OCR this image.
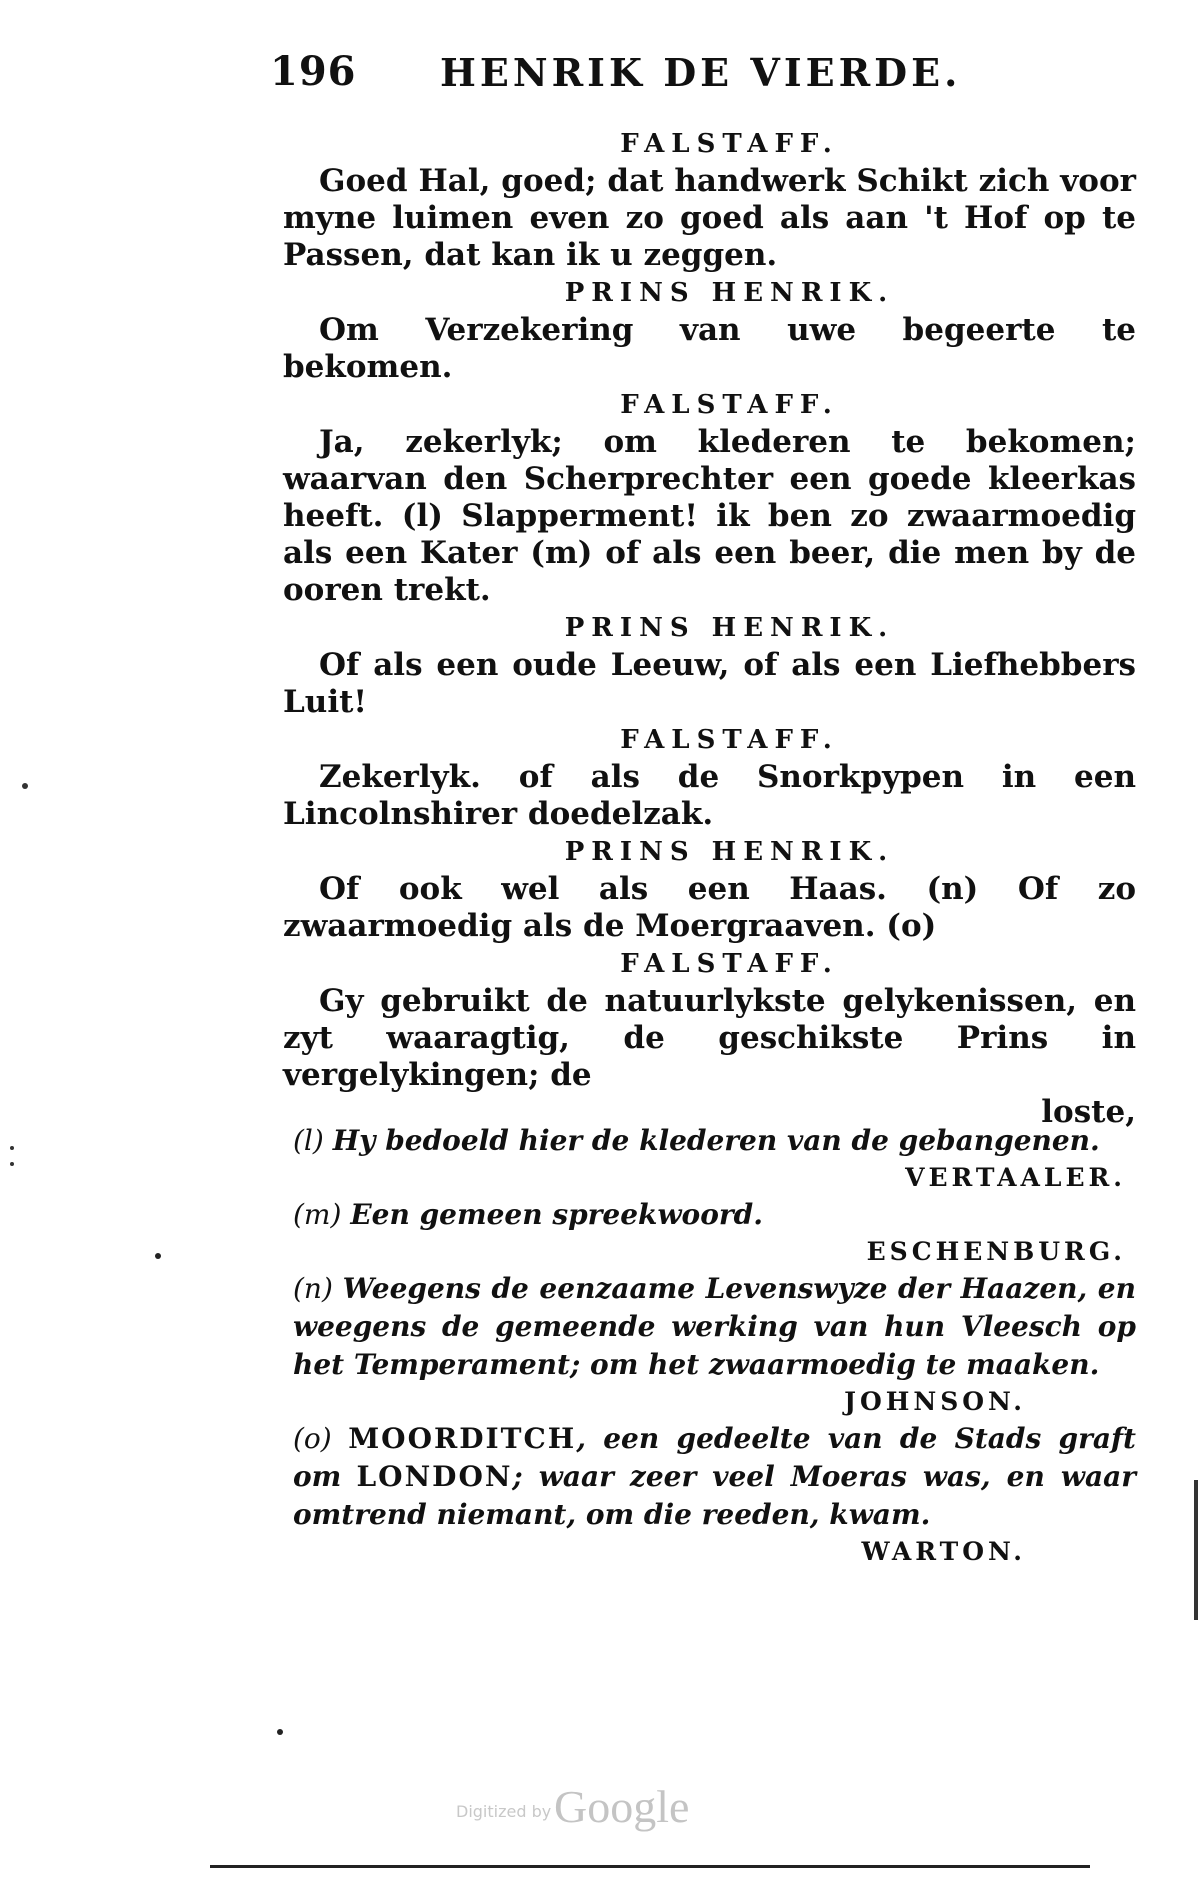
196 HENRIK DE VIERDE.
FALSTAFF.

Goed Hal, goed; dat handwerk Schikt zich voor myne luimen even zo goed als aan 't Hof op te Passen, dat kan ik u zeggen.

PRINS HENRIK.

Om Verzekering van uwe begeerte te bekomen.

FALSTAFF.

Ja, zekerlyk; om klederen te bekomen; waarvan den Scherprechter een goede kleerkas heeft. (l) Slapperment! ik ben zo zwaarmoedig als een Kater (m) of als een beer, die men by de ooren trekt.

PRINS HENRIK.

Of als een oude Leeuw, of als een Liefhebbers Luit!

FALSTAFF.

Zekerlyk. of als de Snorkpypen in een Lincolnshirer doedelzak.

PRINS HENRIK.

Of ook wel als een Haas. (n) Of zo zwaarmoedig als de Moergraaven. (o)

FALSTAFF.

Gy gebruikt de natuurlykste gelykenissen, en zyt waaragtig, de geschikste Prins in vergelykingen; de

loste,

(l) Hy bedoeld hier de klederen van de gebangenen.

VERTAALER.

(m) Een gemeen spreekwoord.

ESCHENBURG.

(n) Weegens de eenzaame Levenswyze der Haazen, en weegens de gemeende werking van hun Vleesch op het Temperament; om het zwaarmoedig te maaken.

JOHNSON.

(o) MOORDITCH, een gedeelte van de Stads graft om LONDON; waar zeer veel Moeras was, en waar omtrend niemant, om die reeden, kwam.

WARTON.
Digitized by Google
